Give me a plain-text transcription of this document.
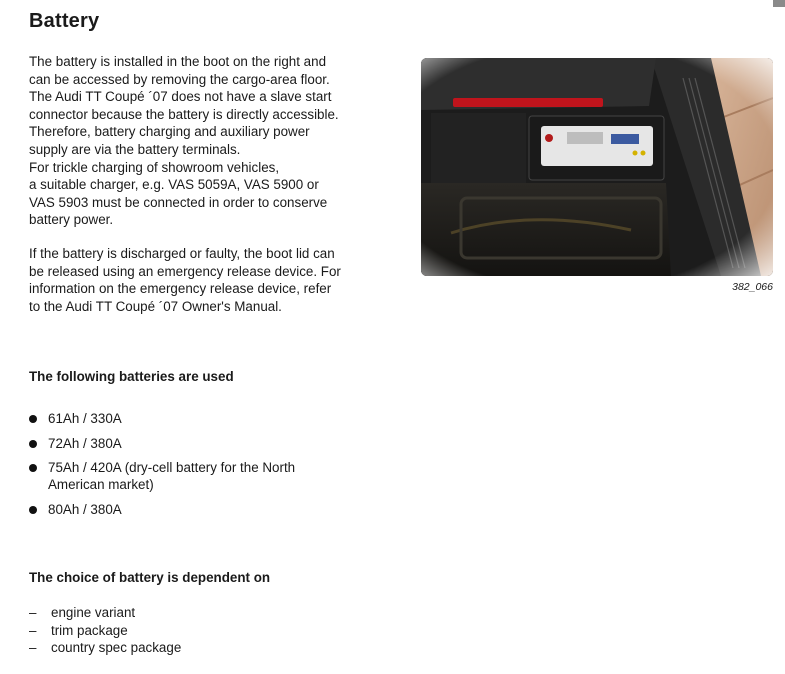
Battery

The battery is installed in the boot on the right and
can be accessed by removing the cargo-area floor.
The Audi TT Coupé ´07 does not have a slave start
connector because the battery is directly accessible.
Therefore, battery charging and auxiliary power
supply are via the battery terminals.
For trickle charging of showroom vehicles,
a suitable charger, e.g. VAS 5059A, VAS 5900 or
VAS 5903 must be connected in order to conserve
battery power.

If the battery is discharged or faulty, the boot lid can
be released using an emergency release device. For
information on the emergency release device, refer
to the Audi TT Coupé ´07 Owner's Manual.

382_066
The following batteries are used
61Ah / 330A
72Ah / 380A
75Ah / 420A (dry-cell battery for the North
American market)
80Ah / 380A
The choice of battery is dependent on
– engine variant
– trim package
– country spec package
